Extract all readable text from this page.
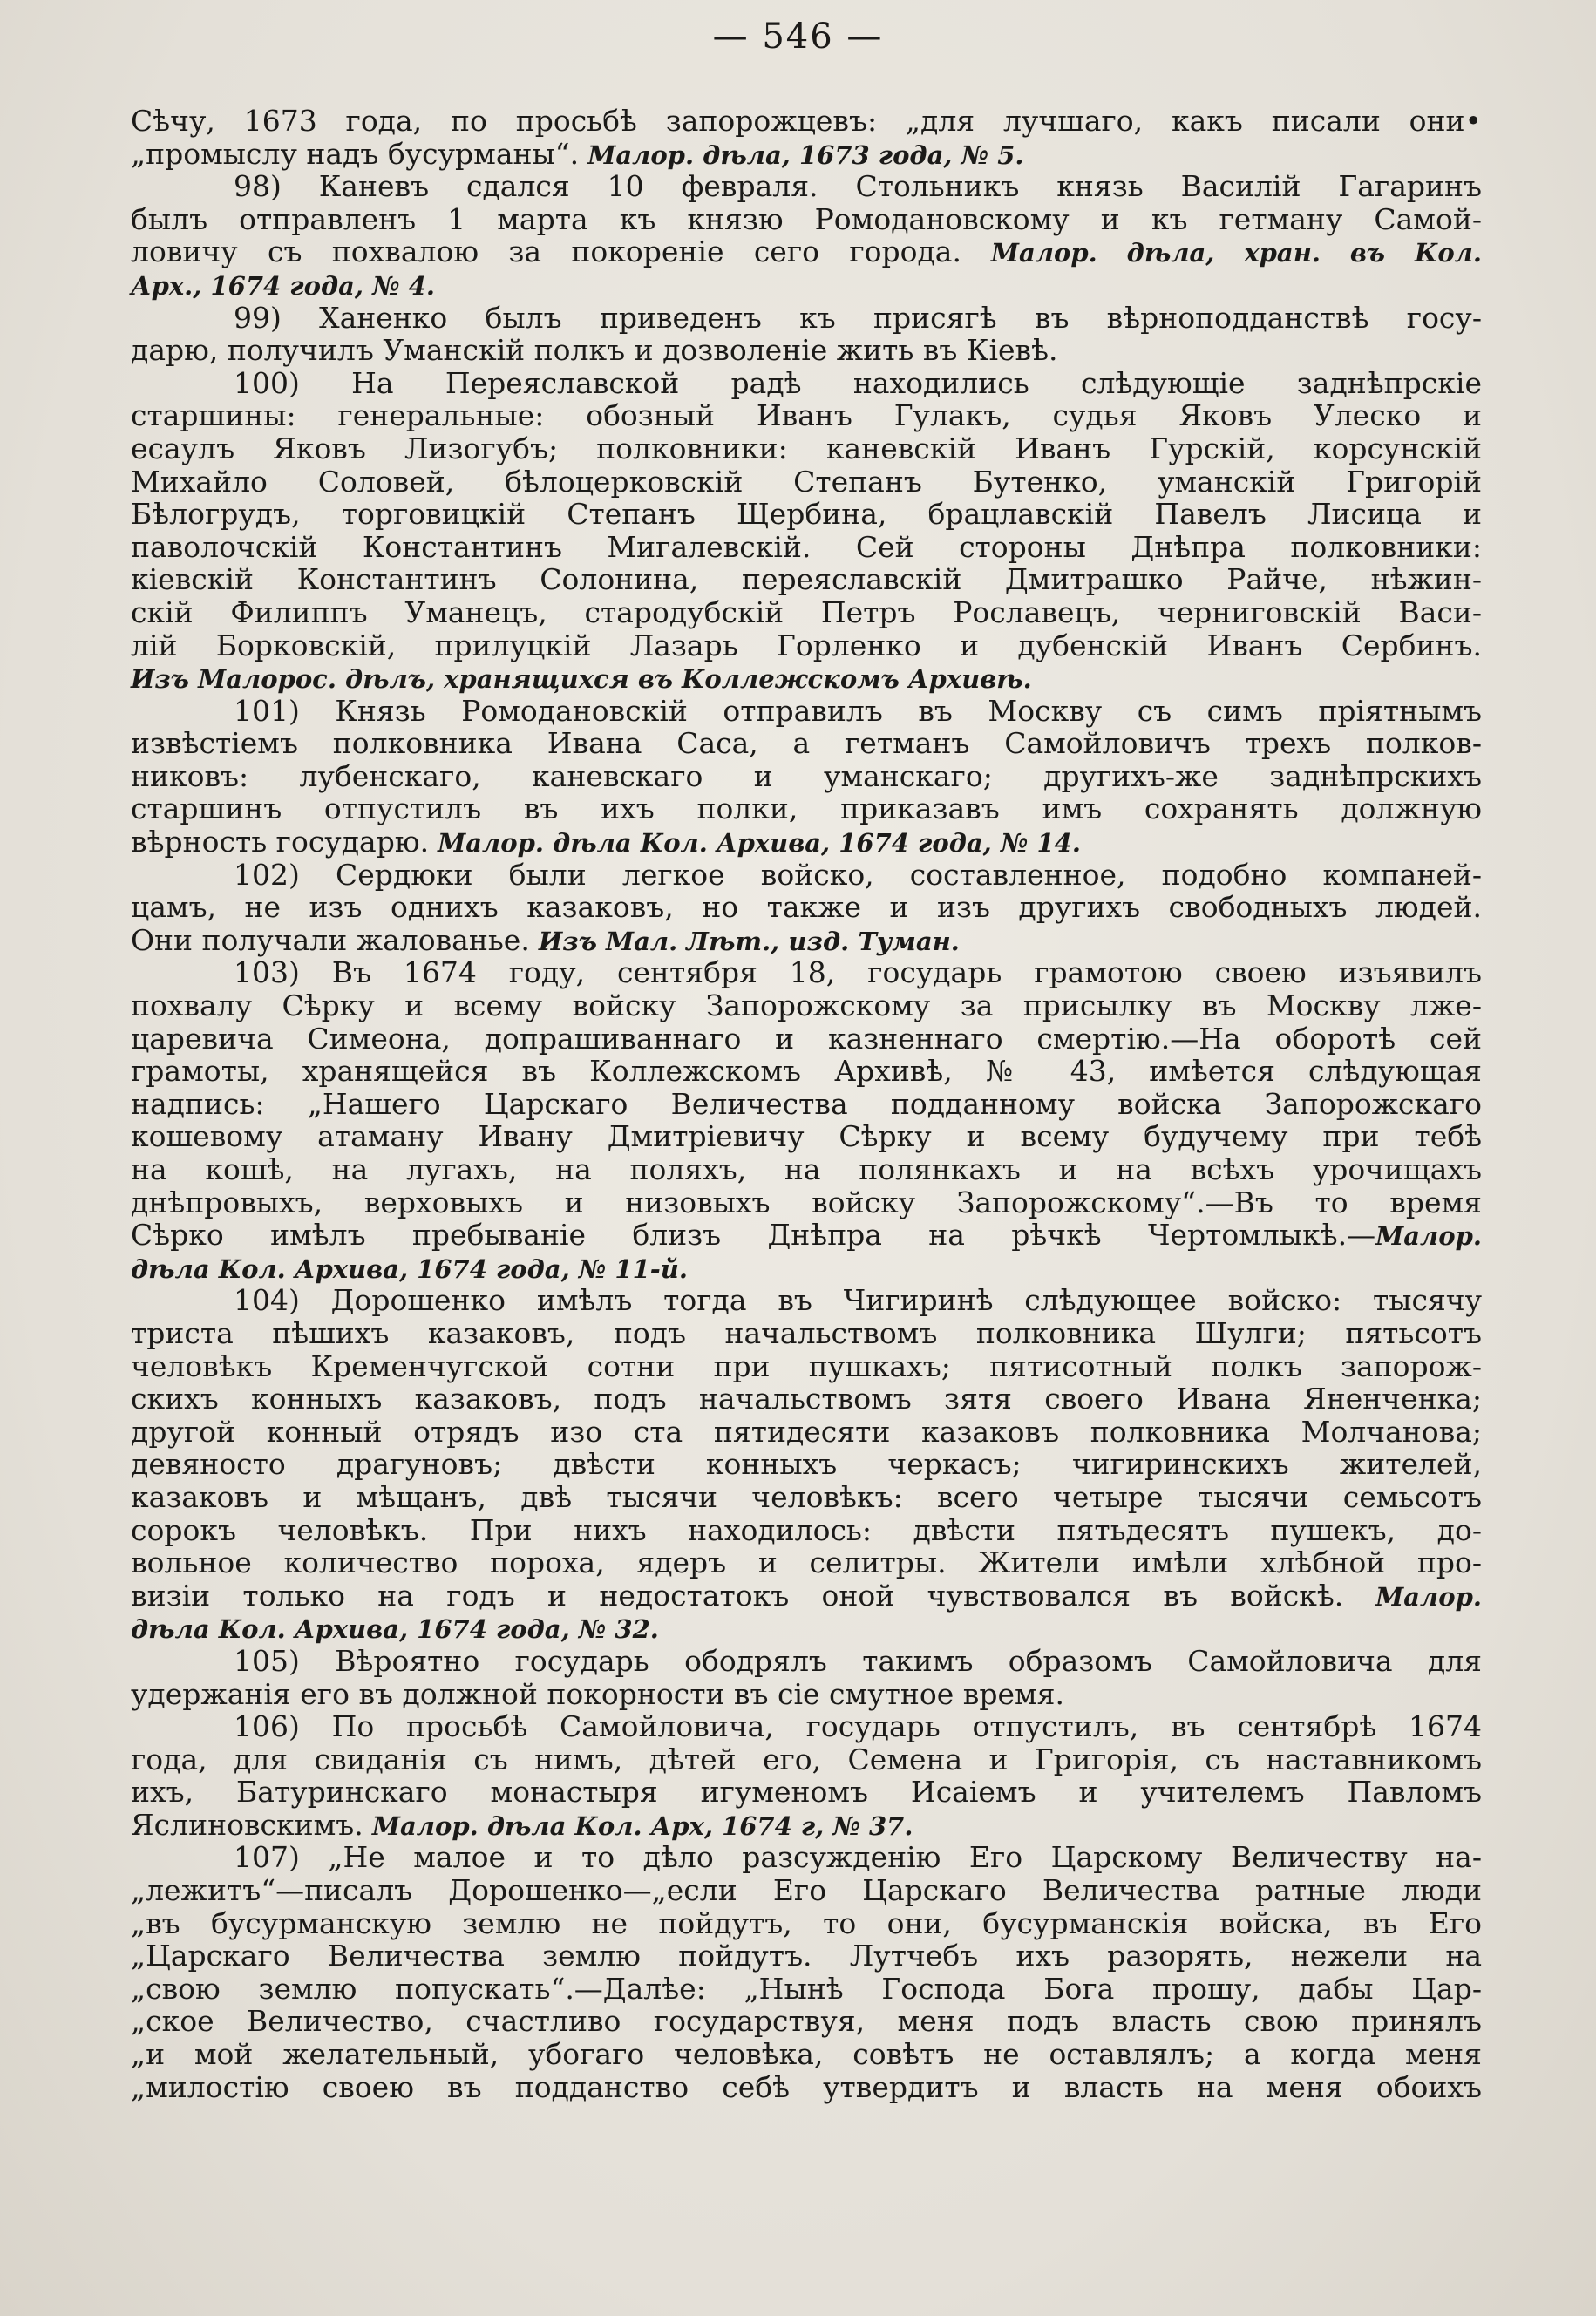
— 546 —
Сѣчу, 1673 года, по просьбѣ запорожцевъ: „для лучшаго, какъ писали они•
„промыслу надъ бусурманы“. Малор. дѣла, 1673 года, № 5.
98) Каневъ сдался 10 февраля. Стольникъ князь Василій Гагаринъ
былъ отправленъ 1 марта къ князю Ромодановскому и къ гетману Самой-
ловичу съ похвалою за покореніе сего города. Малор. дѣла, хран. въ Кол.
Арх., 1674 года, № 4.
99) Ханенко былъ приведенъ къ присягѣ въ вѣрноподданствѣ госу-
дарю, получилъ Уманскій полкъ и дозволеніе жить въ Кіевѣ.
100) На Переяславской радѣ находились слѣдующіе заднѣпрскіе
старшины: генеральные: обозный Иванъ Гулакъ, судья Яковъ Улеско и
есаулъ Яковъ Лизогубъ; полковники: каневскій Иванъ Гурскій, корсунскій
Михайло Соловей, бѣлоцерковскій Степанъ Бутенко, уманскій Григорій
Бѣлогрудъ, торговицкій Степанъ Щербина, брацлавскій Павелъ Лисица и
паволочскій Константинъ Мигалевскій. Сей стороны Днѣпра полковники:
кіевскій Константинъ Солонина, переяславскій Дмитрашко Райче, нѣжин-
скій Филиппъ Уманецъ, стародубскій Петръ Рославецъ, черниговскій Васи-
лій Борковскій, прилуцкій Лазарь Горленко и дубенскій Иванъ Сербинъ.
Изъ Малорос. дѣлъ, хранящихся въ Коллежскомъ Архивѣ.
101) Князь Ромодановскій отправилъ въ Москву съ симъ пріятнымъ
извѣстіемъ полковника Ивана Саса, а гетманъ Самойловичъ трехъ полков-
никовъ: лубенскаго, каневскаго и уманскаго; другихъ-же заднѣпрскихъ
старшинъ отпустилъ въ ихъ полки, приказавъ имъ сохранять должную
вѣрность государю. Малор. дѣла Кол. Архива, 1674 года, № 14.
102) Сердюки были легкое войско, составленное, подобно компаней-
цамъ, не изъ однихъ казаковъ, но также и изъ другихъ свободныхъ людей.
Они получали жалованье. Изъ Мал. Лѣт., изд. Туман.
103) Въ 1674 году, сентября 18, государь грамотою своею изъявилъ
похвалу Сѣрку и всему войску Запорожскому за присылку въ Москву лже-
царевича Симеона, допрашиваннаго и казненнаго смертію.—На оборотѣ сей
грамоты, хранящейся въ Коллежскомъ Архивѣ, № 43, имѣется слѣдующая
надпись: „Нашего Царскаго Величества подданному войска Запорожскаго
кошевому атаману Ивану Дмитріевичу Сѣрку и всему будучему при тебѣ
на кошѣ, на лугахъ, на поляхъ, на полянкахъ и на всѣхъ урочищахъ
днѣпровыхъ, верховыхъ и низовыхъ войску Запорожскому“.—Въ то время
Сѣрко имѣлъ пребываніе близъ Днѣпра на рѣчкѣ Чертомлыкѣ.—Малор.
дѣла Кол. Архива, 1674 года, № 11-й.
104) Дорошенко имѣлъ тогда въ Чигиринѣ слѣдующее войско: тысячу
триста пѣшихъ казаковъ, подъ начальствомъ полковника Шулги; пятьсотъ
человѣкъ Кременчугской сотни при пушкахъ; пятисотный полкъ запорож-
скихъ конныхъ казаковъ, подъ начальствомъ зятя своего Ивана Яненченка;
другой конный отрядъ изо ста пятидесяти казаковъ полковника Молчанова;
девяносто драгуновъ; двѣсти конныхъ черкасъ; чигиринскихъ жителей,
казаковъ и мѣщанъ, двѣ тысячи человѣкъ: всего четыре тысячи семьсотъ
сорокъ человѣкъ. При нихъ находилось: двѣсти пятьдесятъ пушекъ, до-
вольное количество пороха, ядеръ и селитры. Жители имѣли хлѣбной про-
визіи только на годъ и недостатокъ оной чувствовался въ войскѣ. Малор.
дѣла Кол. Архива, 1674 года, № 32.
105) Вѣроятно государь ободрялъ такимъ образомъ Самойловича для
удержанія его въ должной покорности въ сіе смутное время.
106) По просьбѣ Самойловича, государь отпустилъ, въ сентябрѣ 1674
года, для свиданія съ нимъ, дѣтей его, Семена и Григорія, съ наставникомъ
ихъ, Батуринскаго монастыря игуменомъ Исаіемъ и учителемъ Павломъ
Яслиновскимъ. Малор. дѣла Кол. Арх, 1674 г, № 37.
107) „Не малое и то дѣло разсужденію Его Царскому Величеству на-
„лежитъ“—писалъ Дорошенко—„если Его Царскаго Величества ратные люди
„въ бусурманскую землю не пойдутъ, то они, бусурманскія войска, въ Его
„Царскаго Величества землю пойдутъ. Лутчебъ ихъ разорять, нежели на
„свою землю попускать“.—Далѣе: „Нынѣ Господа Бога прошу, дабы Цар-
„ское Величество, счастливо государствуя, меня подъ власть свою принялъ
„и мой желательный, убогаго человѣка, совѣтъ не оставлялъ; а когда меня
„милостію своею въ подданство себѣ утвердитъ и власть на меня обоихъ
